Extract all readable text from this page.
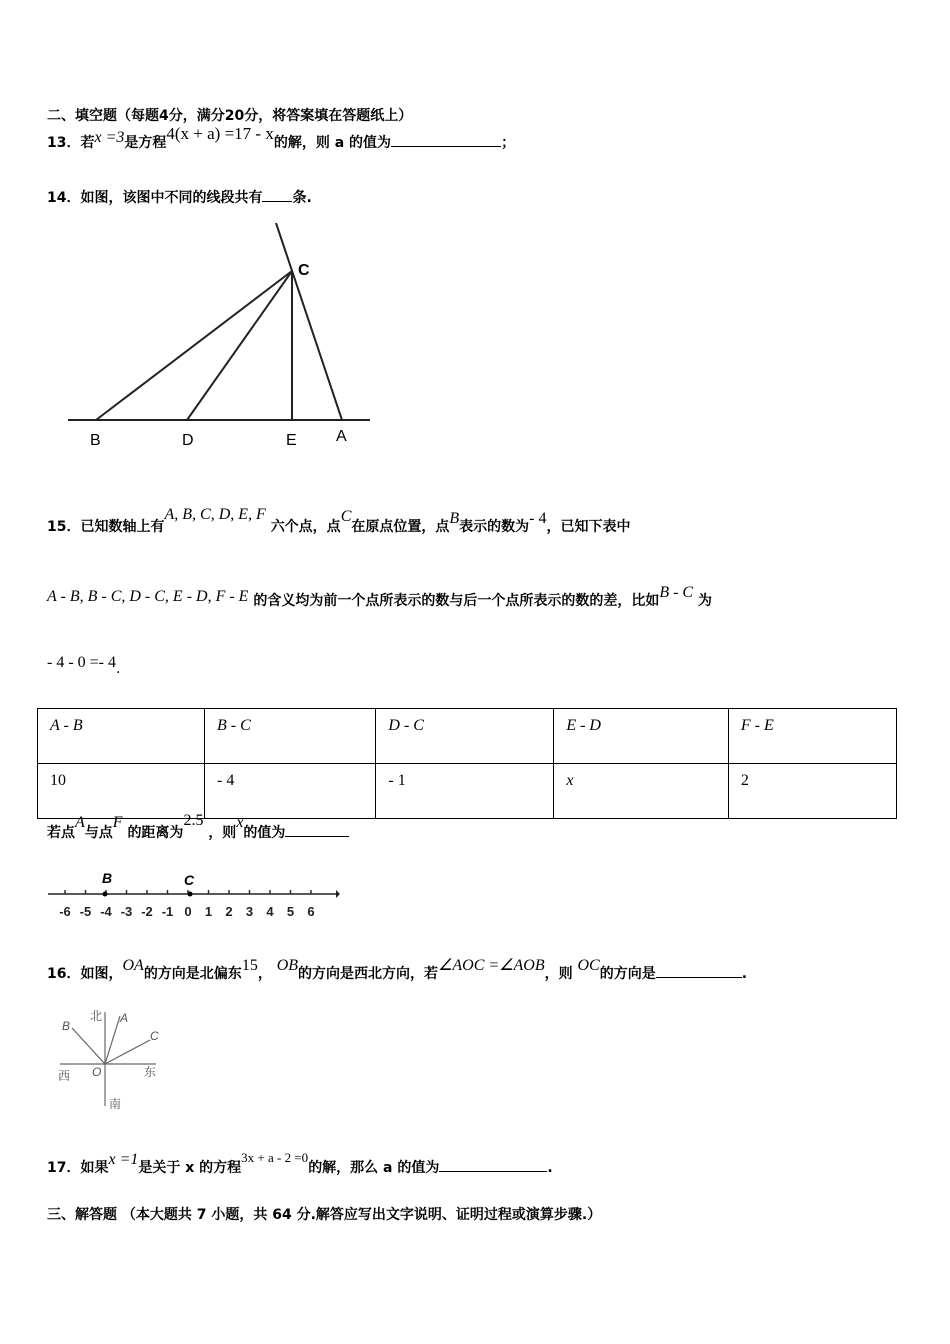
二、填空题（每题4分，满分20分，将答案填在答题纸上）
13．若x =3是方程4(x + a) =17 - x的解，则 a 的值为	；
14．如图，该图中不同的线段共有 条.
C
B	D	E A
15．已知数轴上有A, B, C, D, E, F 六个点，点C在原点位置，点B表示的数为- 4，已知下表中
A - B, B - C, D - C, E - D, F - E 的含义均为前一个点所表示的数与后一个点所表示的数的差，比如B - C 为
- 4 - 0 =- 4.
A - B	B - C	D - C	E - D	F - E
10	- 4	- 1	x	2
若点A与点F 的距离为2.5 ，则x的值为
-6 -5 -4 -3 -2 -1 0 1 2 3 4 5 6
B	C
16．如图，OA的方向是北偏东15， OB的方向是西北方向，若∠AOC =∠AOB，则 OC的方向是	.
北 A
B
C
西 O	东
南
17．如果x =1是关于 x 的方程3x + a - 2 =0的解，那么 a 的值为	.
三、解答题 （本大题共 7 小题，共 64 分.解答应写出文字说明、证明过程或演算步骤.）
